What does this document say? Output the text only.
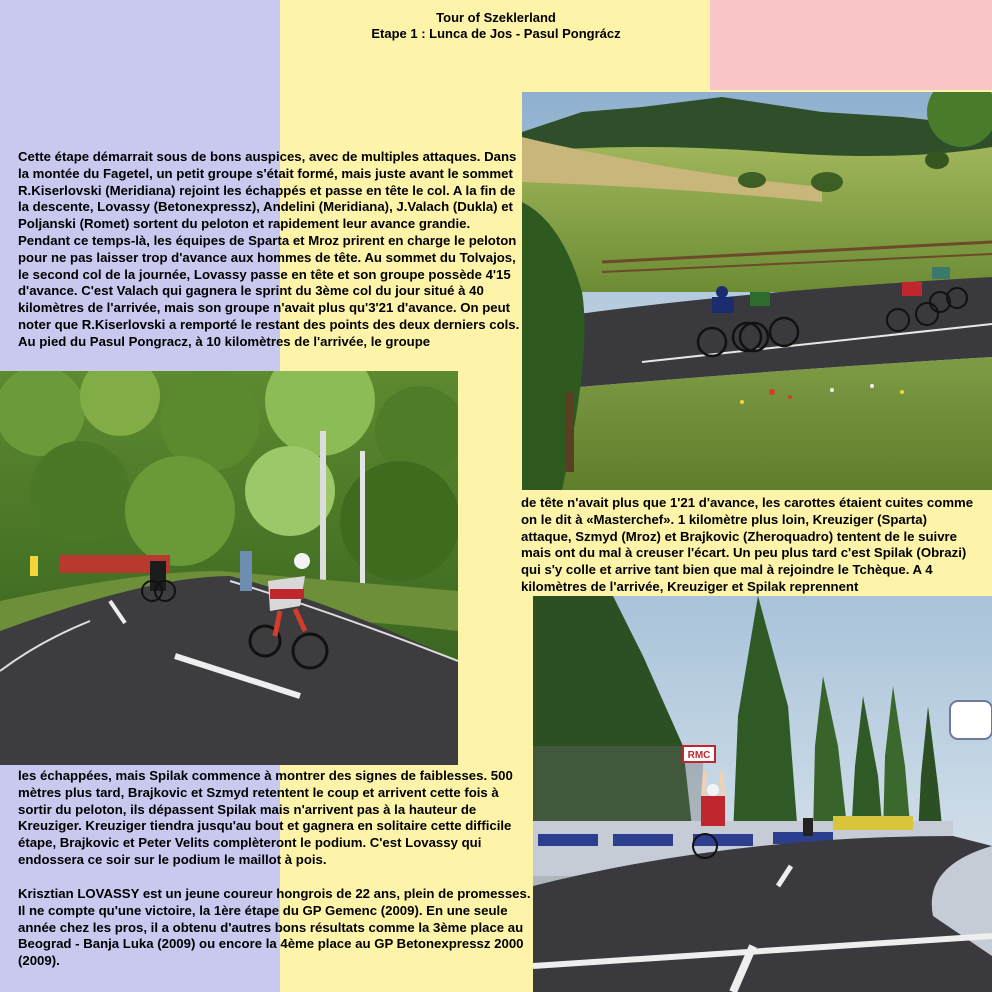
Tour of Szeklerland
Etape 1 : Lunca de Jos - Pasul Pongrácz
RMC

Cette étape démarrait sous de bons auspices, avec de multiples attaques. Dans la montée du Fagetel, un petit groupe s'était formé, mais juste avant le sommet R.Kiserlovski (Meridiana) rejoint les échappés et passe en tête le col. A la fin de la descente, Lovassy (Betonexpressz), Andelini (Meridiana), J.Valach (Dukla) et Poljanski (Romet) sortent du peloton et rapidement leur avance grandie. Pendant ce temps-là, les équipes de Sparta et Mroz prirent en charge le peloton pour ne pas laisser trop d'avance aux hommes de tête. Au sommet du Tolvajos, le second col de la journée, Lovassy passe en tête et son groupe possède 4'15 d'avance. C'est Valach qui gagnera le sprint du 3ème col du jour situé à 40 kilomètres de l'arrivée, mais son groupe n'avait plus qu'3'21 d'avance. On peut noter que R.Kiserlovski a remporté le restant des points des deux derniers cols. Au pied du Pasul Pongracz, à 10 kilomètres de l'arrivée, le groupe

de tête n'avait plus que 1'21 d'avance, les carottes étaient cuites comme on le dit à «Masterchef». 1 kilomètre plus loin, Kreuziger (Sparta) attaque, Szmyd (Mroz) et Brajkovic (Zheroquadro) tentent de le suivre mais ont du mal à creuser l'écart. Un peu plus tard c'est Spilak (Obrazi) qui s'y colle et arrive tant bien que mal à rejoindre le Tchèque. A 4 kilomètres de l'arrivée, Kreuziger et Spilak reprennent

les échappées, mais Spilak commence à montrer des signes de faiblesses. 500 mètres plus tard, Brajkovic et Szmyd retentent le coup et arrivent cette fois à sortir du peloton, ils dépassent Spilak mais n'arrivent pas à la hauteur de Kreuziger. Kreuziger tiendra jusqu'au bout et gagnera en solitaire cette difficile étape, Brajkovic et Peter Velits complèteront le podium. C'est Lovassy qui endossera ce soir sur le podium le maillot à pois.

Krisztian LOVASSY est un jeune coureur hongrois de 22 ans, plein de promesses. Il ne compte qu'une victoire, la 1ère étape du GP Gemenc (2009). En une seule année chez les pros, il a obtenu d'autres bons résultats comme la 3ème place au Beograd - Banja Luka (2009) ou encore la 4ème place au GP Betonexpressz 2000 (2009).
